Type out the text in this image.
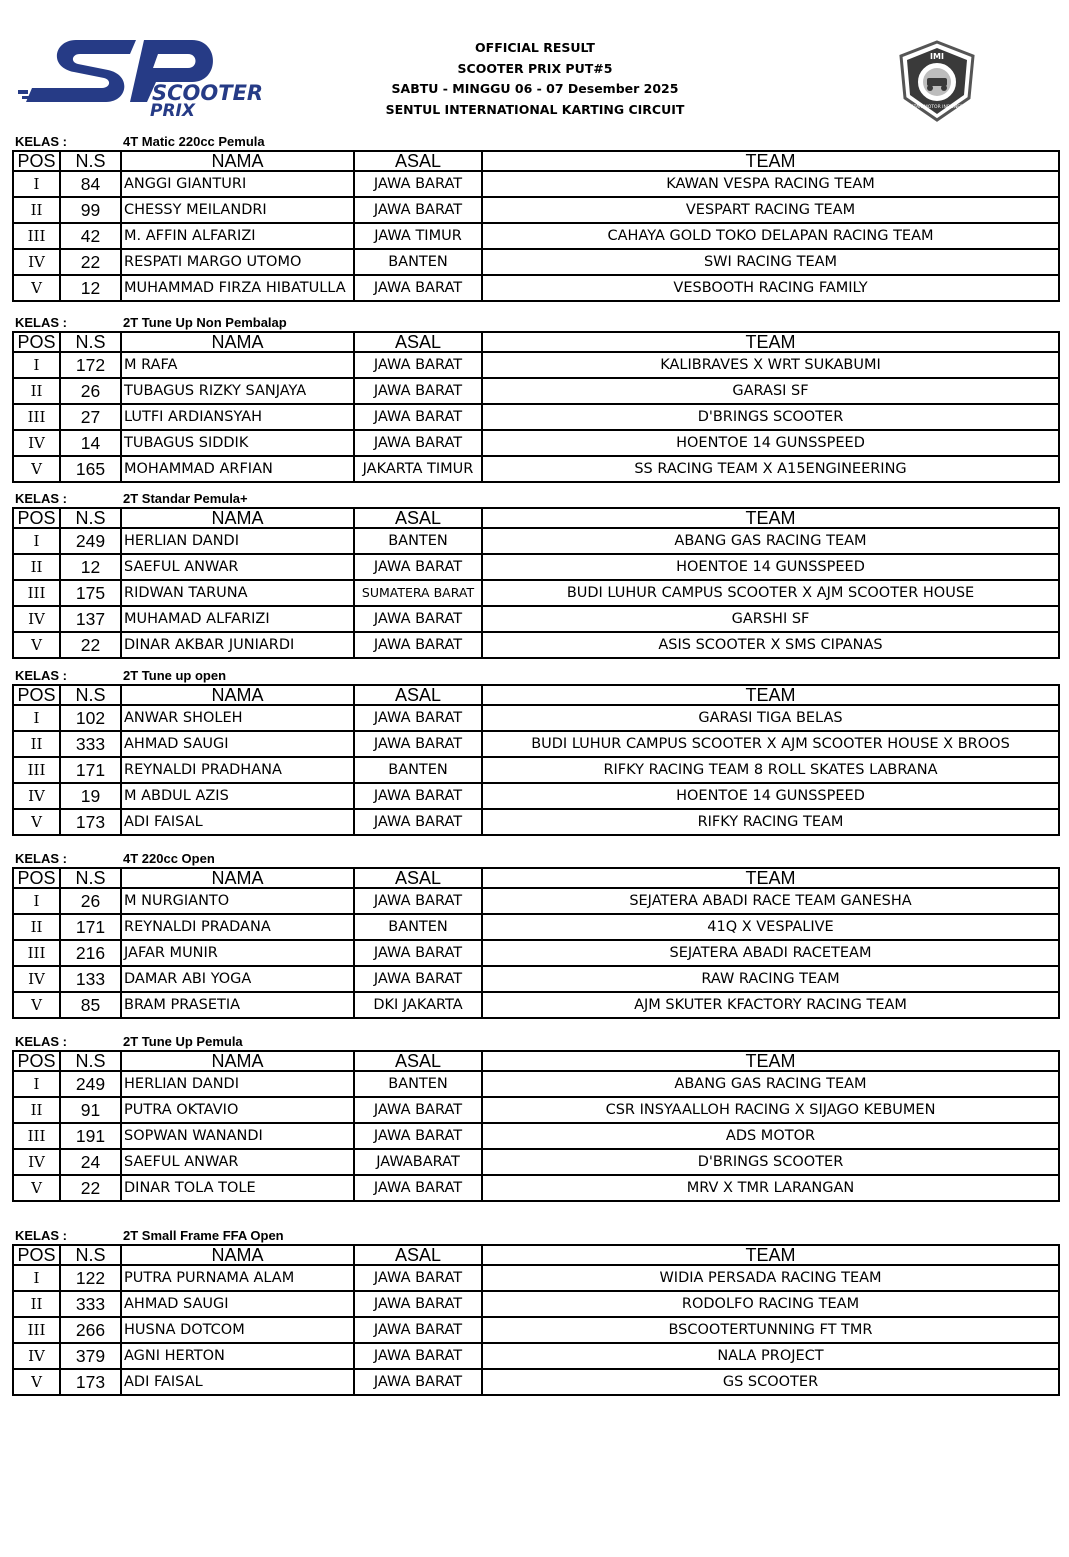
SCOOTER
PRIX
OFFICIAL RESULT
SCOOTER PRIX PUT#5
SABTU - MINGGU 06 - 07 Desember 2025
SENTUL INTERNATIONAL KARTING CIRCUIT
IMI
IKATAN MOTOR INDONESIA
KELAS :	4T Matic 220cc Pemula
POS	N.S	NAMA	ASAL	TEAM
I	84	ANGGI GIANTURI	JAWA BARAT	KAWAN VESPA RACING TEAM
II	99	CHESSY MEILANDRI	JAWA BARAT	VESPART RACING TEAM
III	42	M. AFFIN ALFARIZI	JAWA TIMUR	CAHAYA GOLD TOKO DELAPAN RACING TEAM
IV	22	RESPATI MARGO UTOMO	BANTEN	SWI RACING TEAM
V	12	MUHAMMAD FIRZA HIBATULLA	JAWA BARAT	VESBOOTH RACING FAMILY
KELAS :	2T Tune Up Non Pembalap
POS	N.S	NAMA	ASAL	TEAM
I	172	M RAFA	JAWA BARAT	KALIBRAVES X WRT SUKABUMI
II	26	TUBAGUS RIZKY SANJAYA	JAWA BARAT	GARASI SF
III	27	LUTFI ARDIANSYAH	JAWA BARAT	D'BRINGS SCOOTER
IV	14	TUBAGUS SIDDIK	JAWA BARAT	HOENTOE 14 GUNSSPEED
V	165	MOHAMMAD ARFIAN	JAKARTA TIMUR	SS RACING TEAM X A15ENGINEERING
KELAS :	2T Standar Pemula+
POS	N.S	NAMA	ASAL	TEAM
I	249	HERLIAN DANDI	BANTEN	ABANG GAS RACING TEAM
II	12	SAEFUL ANWAR	JAWA BARAT	HOENTOE 14 GUNSSPEED
III	175	RIDWAN TARUNA	SUMATERA BARAT	BUDI LUHUR CAMPUS SCOOTER X AJM SCOOTER HOUSE
IV	137	MUHAMAD ALFARIZI	JAWA BARAT	GARSHI SF
V	22	DINAR AKBAR JUNIARDI	JAWA BARAT	ASIS SCOOTER X SMS CIPANAS
KELAS :	2T Tune up open
POS	N.S	NAMA	ASAL	TEAM
I	102	ANWAR SHOLEH	JAWA BARAT	GARASI TIGA BELAS
II	333	AHMAD SAUGI	JAWA BARAT	BUDI LUHUR CAMPUS SCOOTER X AJM SCOOTER HOUSE X BROOS
III	171	REYNALDI PRADHANA	BANTEN	RIFKY RACING TEAM 8 ROLL SKATES LABRANA
IV	19	M ABDUL AZIS	JAWA BARAT	HOENTOE 14 GUNSSPEED
V	173	ADI FAISAL	JAWA BARAT	RIFKY RACING TEAM
KELAS :	4T 220cc Open
POS	N.S	NAMA	ASAL	TEAM
I	26	M NURGIANTO	JAWA BARAT	SEJATERA ABADI RACE TEAM GANESHA
II	171	REYNALDI PRADANA	BANTEN	41Q X VESPALIVE
III	216	JAFAR MUNIR	JAWA BARAT	SEJATERA ABADI RACETEAM
IV	133	DAMAR ABI YOGA	JAWA BARAT	RAW RACING TEAM
V	85	BRAM PRASETIA	DKI JAKARTA	AJM SKUTER KFACTORY RACING TEAM
KELAS :	2T Tune Up Pemula
POS	N.S	NAMA	ASAL	TEAM
I	249	HERLIAN DANDI	BANTEN	ABANG GAS RACING TEAM
II	91	PUTRA OKTAVIO	JAWA BARAT	CSR INSYAALLOH RACING X SIJAGO KEBUMEN
III	191	SOPWAN WANANDI	JAWA BARAT	ADS MOTOR
IV	24	SAEFUL ANWAR	JAWABARAT	D'BRINGS SCOOTER
V	22	DINAR TOLA TOLE	JAWA BARAT	MRV X TMR LARANGAN
KELAS :	2T Small Frame FFA Open
POS	N.S	NAMA	ASAL	TEAM
I	122	PUTRA PURNAMA ALAM	JAWA BARAT	WIDIA PERSADA RACING TEAM
II	333	AHMAD SAUGI	JAWA BARAT	RODOLFO RACING TEAM
III	266	HUSNA DOTCOM	JAWA BARAT	BSCOOTERTUNNING FT TMR
IV	379	AGNI HERTON	JAWA BARAT	NALA PROJECT
V	173	ADI FAISAL	JAWA BARAT	GS SCOOTER
